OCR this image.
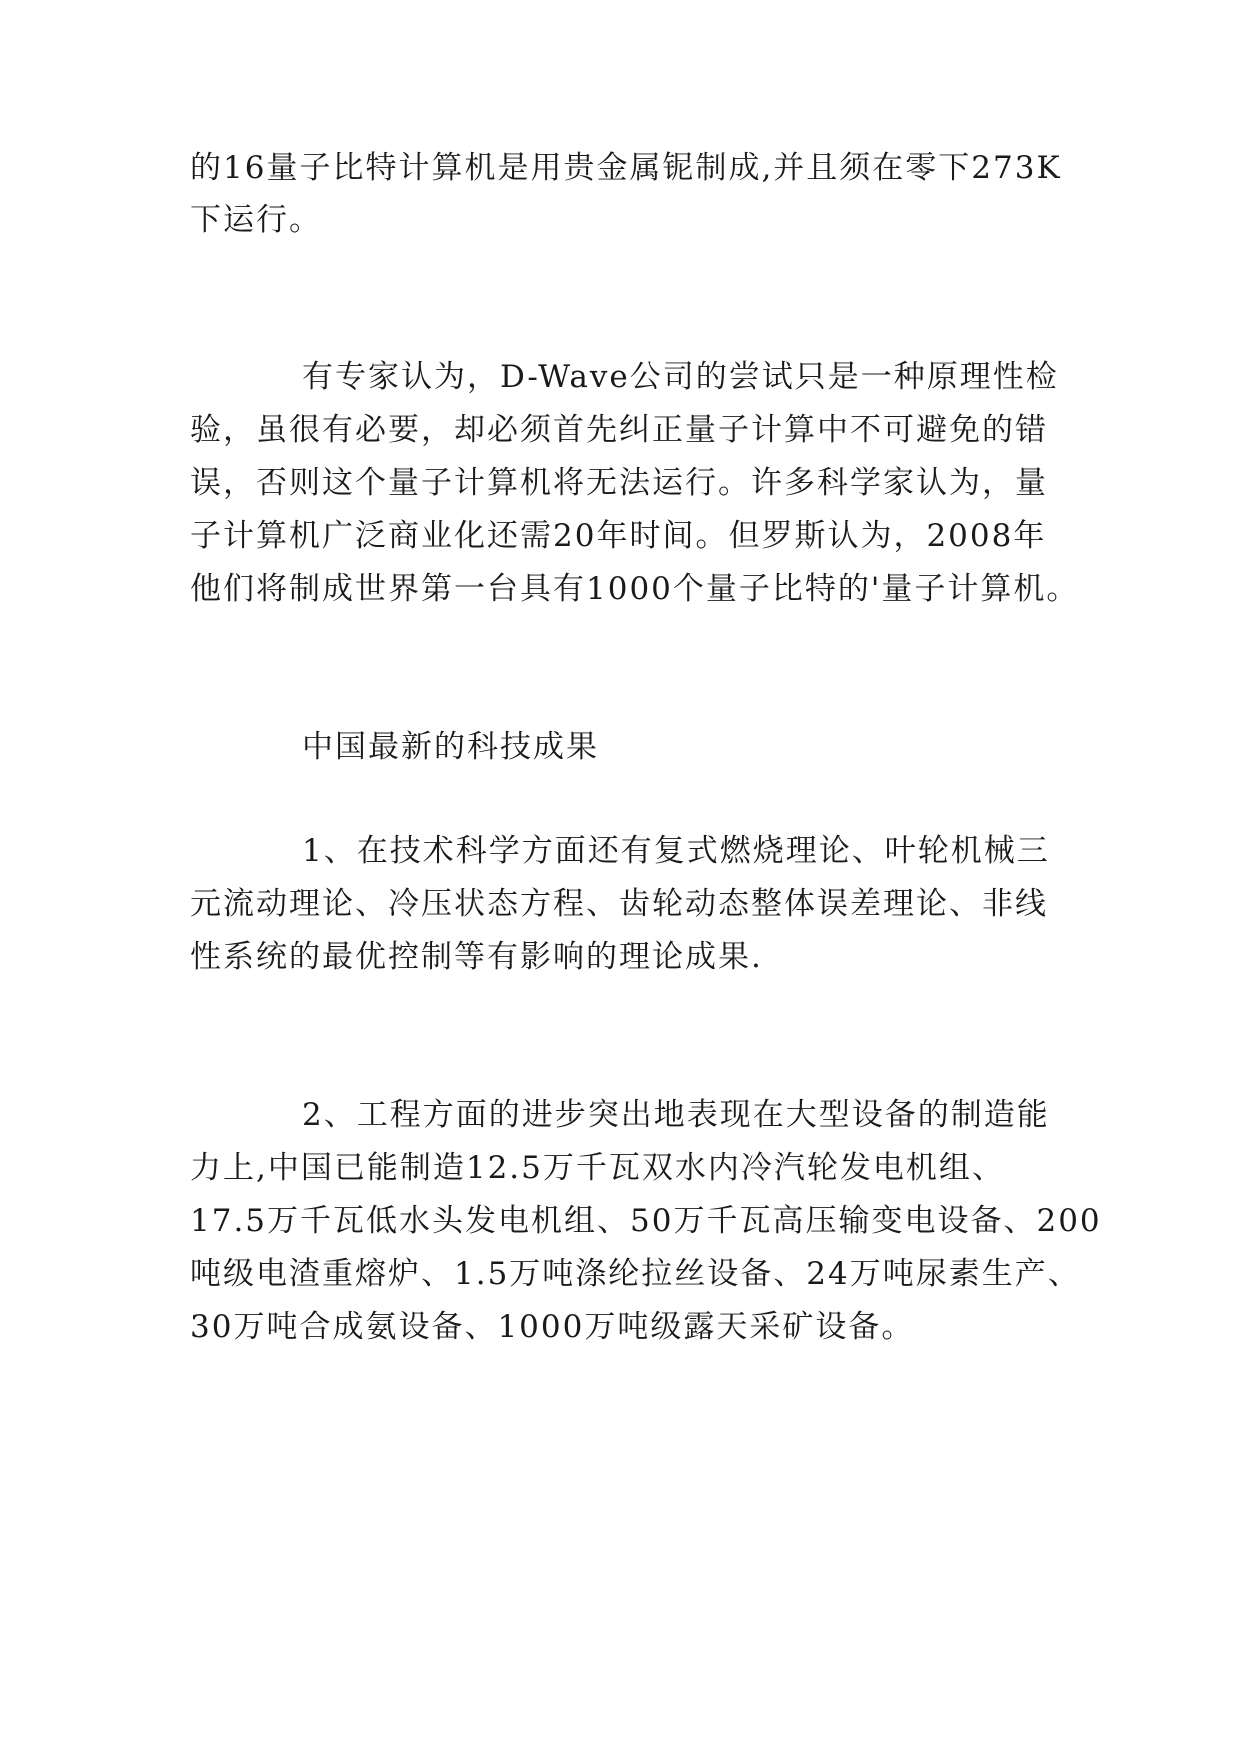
的16量子比特计算机是用贵金属铌制成,并且须在零下273K
下运行。
有专家认为，D-Wave公司的尝试只是一种原理性检
验，虽很有必要，却必须首先纠正量子计算中不可避免的错
误，否则这个量子计算机将无法运行。许多科学家认为，量
子计算机广泛商业化还需20年时间。但罗斯认为，2008年
他们将制成世界第一台具有1000个量子比特的'量子计算机。
中国最新的科技成果
1、在技术科学方面还有复式燃烧理论、叶轮机械三
元流动理论、冷压状态方程、齿轮动态整体误差理论、非线
性系统的最优控制等有影响的理论成果.
2、工程方面的进步突出地表现在大型设备的制造能
力上,中国已能制造12.5万千瓦双水内冷汽轮发电机组、
17.5万千瓦低水头发电机组、50万千瓦高压输变电设备、200
吨级电渣重熔炉、1.5万吨涤纶拉丝设备、24万吨尿素生产、
30万吨合成氨设备、1000万吨级露天采矿设备。
